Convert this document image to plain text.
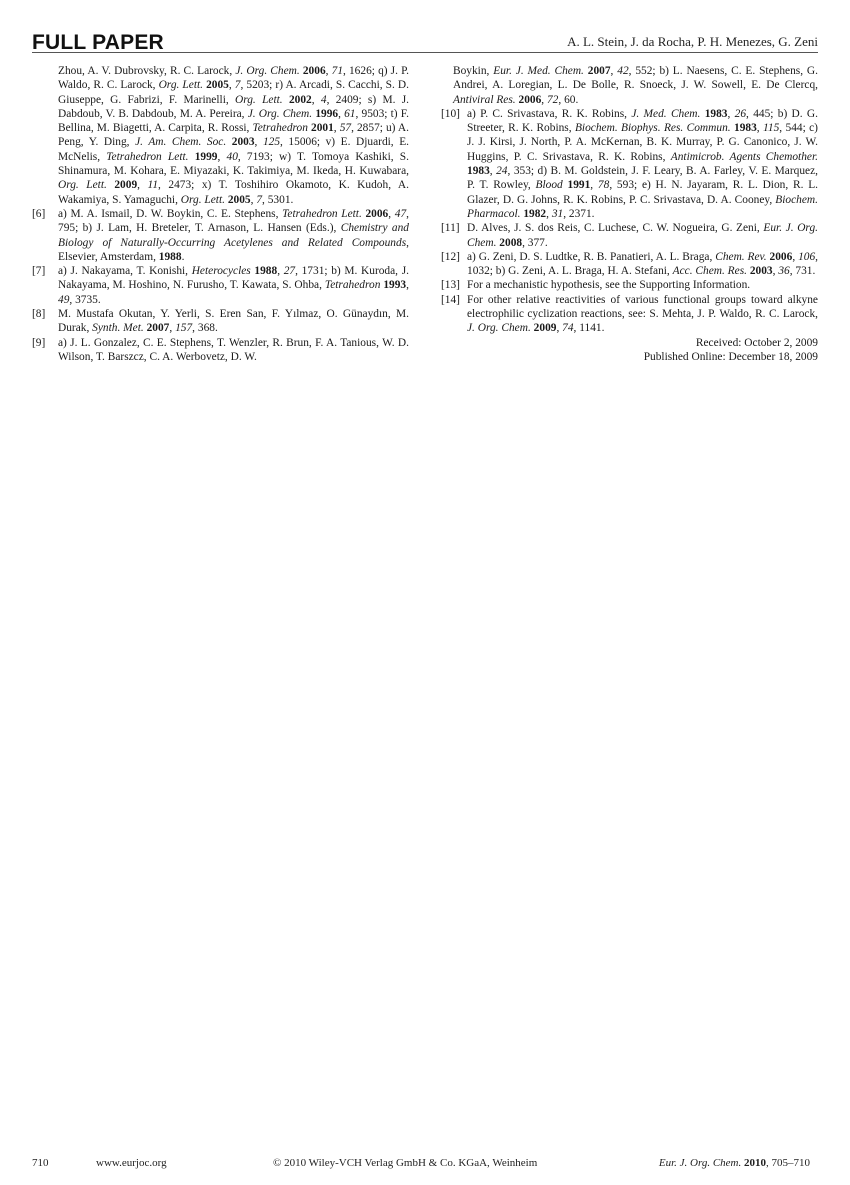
FULL PAPER	A. L. Stein, J. da Rocha, P. H. Menezes, G. Zeni

Zhou, A. V. Dubrovsky, R. C. Larock, J. Org. Chem. 2006, 71, 1626; q) J. P. Waldo, R. C. Larock, Org. Lett. 2005, 7, 5203; r) A. Arcadi, S. Cacchi, S. D. Giuseppe, G. Fabrizi, F. Marinelli, Org. Lett. 2002, 4, 2409; s) M. J. Dabdoub, V. B. Dabdoub, M. A. Pereira, J. Org. Chem. 1996, 61, 9503; t) F. Bellina, M. Biagetti, A. Carpita, R. Rossi, Tetrahedron 2001, 57, 2857; u) A. Peng, Y. Ding, J. Am. Chem. Soc. 2003, 125, 15006; v) E. Djuardi, E. McNelis, Tetrahedron Lett. 1999, 40, 7193; w) T. Tomoya Kashiki, S. Shinamura, M. Kohara, E. Miyazaki, K. Takimiya, M. Ikeda, H. Kuwabara, Org. Lett. 2009, 11, 2473; x) T. Toshihiro Okamoto, K. Kudoh, A. Wakamiya, S. Yamaguchi, Org. Lett. 2005, 7, 5301.

[6] a) M. A. Ismail, D. W. Boykin, C. E. Stephens, Tetrahedron Lett. 2006, 47, 795; b) J. Lam, H. Breteler, T. Arnason, L. Hansen (Eds.), Chemistry and Biology of Naturally-Occurring Acetylenes and Related Compounds, Elsevier, Amsterdam, 1988.

[7] a) J. Nakayama, T. Konishi, Heterocycles 1988, 27, 1731; b) M. Kuroda, J. Nakayama, M. Hoshino, N. Furusho, T. Kawata, S. Ohba, Tetrahedron 1993, 49, 3735.

[8] M. Mustafa Okutan, Y. Yerli, S. Eren San, F. Yılmaz, O. Günaydın, M. Durak, Synth. Met. 2007, 157, 368.

[9] a) J. L. Gonzalez, C. E. Stephens, T. Wenzler, R. Brun, F. A. Tanious, W. D. Wilson, T. Barszcz, C. A. Werbovetz, D. W.

Boykin, Eur. J. Med. Chem. 2007, 42, 552; b) L. Naesens, C. E. Stephens, G. Andrei, A. Loregian, L. De Bolle, R. Snoeck, J. W. Sowell, E. De Clercq, Antiviral Res. 2006, 72, 60.

[10] a) P. C. Srivastava, R. K. Robins, J. Med. Chem. 1983, 26, 445; b) D. G. Streeter, R. K. Robins, Biochem. Biophys. Res. Commun. 1983, 115, 544; c) J. J. Kirsi, J. North, P. A. McKernan, B. K. Murray, P. G. Canonico, J. W. Huggins, P. C. Srivastava, R. K. Robins, Antimicrob. Agents Chemother. 1983, 24, 353; d) B. M. Goldstein, J. F. Leary, B. A. Farley, V. E. Marquez, P. T. Rowley, Blood 1991, 78, 593; e) H. N. Jayaram, R. L. Dion, R. L. Glazer, D. G. Johns, R. K. Robins, P. C. Srivastava, D. A. Cooney, Biochem. Pharmacol. 1982, 31, 2371.

[11] D. Alves, J. S. dos Reis, C. Luchese, C. W. Nogueira, G. Zeni, Eur. J. Org. Chem. 2008, 377.

[12] a) G. Zeni, D. S. Ludtke, R. B. Panatieri, A. L. Braga, Chem. Rev. 2006, 106, 1032; b) G. Zeni, A. L. Braga, H. A. Stefani, Acc. Chem. Res. 2003, 36, 731.

[13] For a mechanistic hypothesis, see the Supporting Information.

[14] For other relative reactivities of various functional groups toward alkyne electrophilic cyclization reactions, see: S. Mehta, J. P. Waldo, R. C. Larock, J. Org. Chem. 2009, 74, 1141.

Received: October 2, 2009

Published Online: December 18, 2009

710	www.eurjoc.org	© 2010 Wiley-VCH Verlag GmbH & Co. KGaA, Weinheim	Eur. J. Org. Chem. 2010, 705–710
